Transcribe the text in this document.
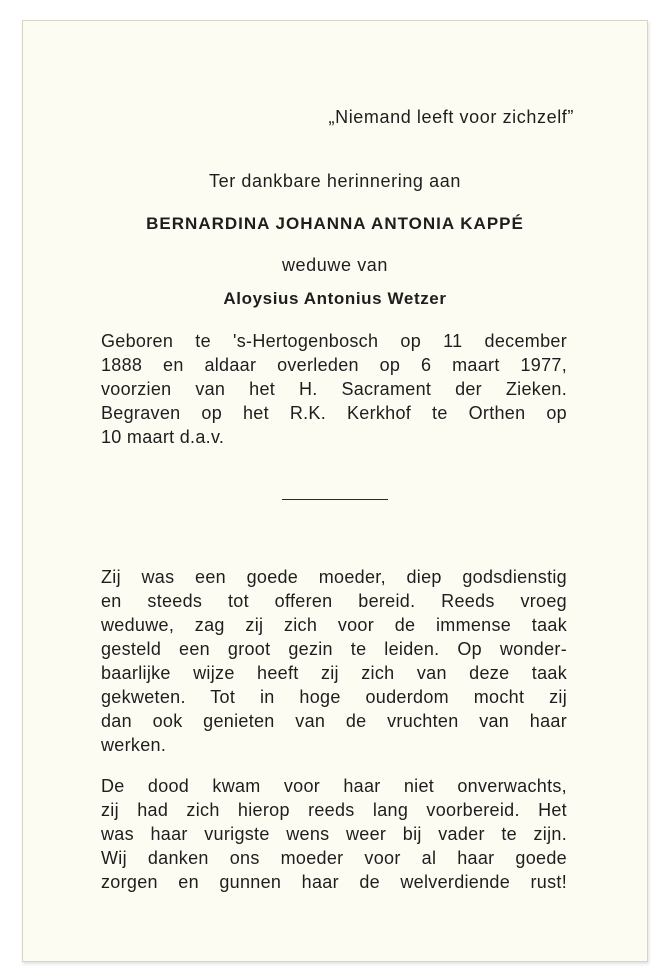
„Niemand leeft voor zichzelf”

Ter dankbare herinnering aan

BERNARDINA JOHANNA ANTONIA KAPPÉ

weduwe van

Aloysius Antonius Wetzer

Geboren te 's-Hertogenbosch op 11 december
1888 en aldaar overleden op 6 maart 1977,
voorzien van het H. Sacrament der Zieken.
Begraven op het R.K. Kerkhof te Orthen op
10 maart d.a.v.
Zij was een goede moeder, diep godsdienstig
en steeds tot offeren bereid. Reeds vroeg
weduwe, zag zij zich voor de immense taak
gesteld een groot gezin te leiden. Op wonder-
baarlijke wijze heeft zij zich van deze taak
gekweten. Tot in hoge ouderdom mocht zij
dan ook genieten van de vruchten van haar
werken.
De dood kwam voor haar niet onverwachts,
zij had zich hierop reeds lang voorbereid. Het
was haar vurigste wens weer bij vader te zijn.
Wij danken ons moeder voor al haar goede
zorgen en gunnen haar de welverdiende rust!
